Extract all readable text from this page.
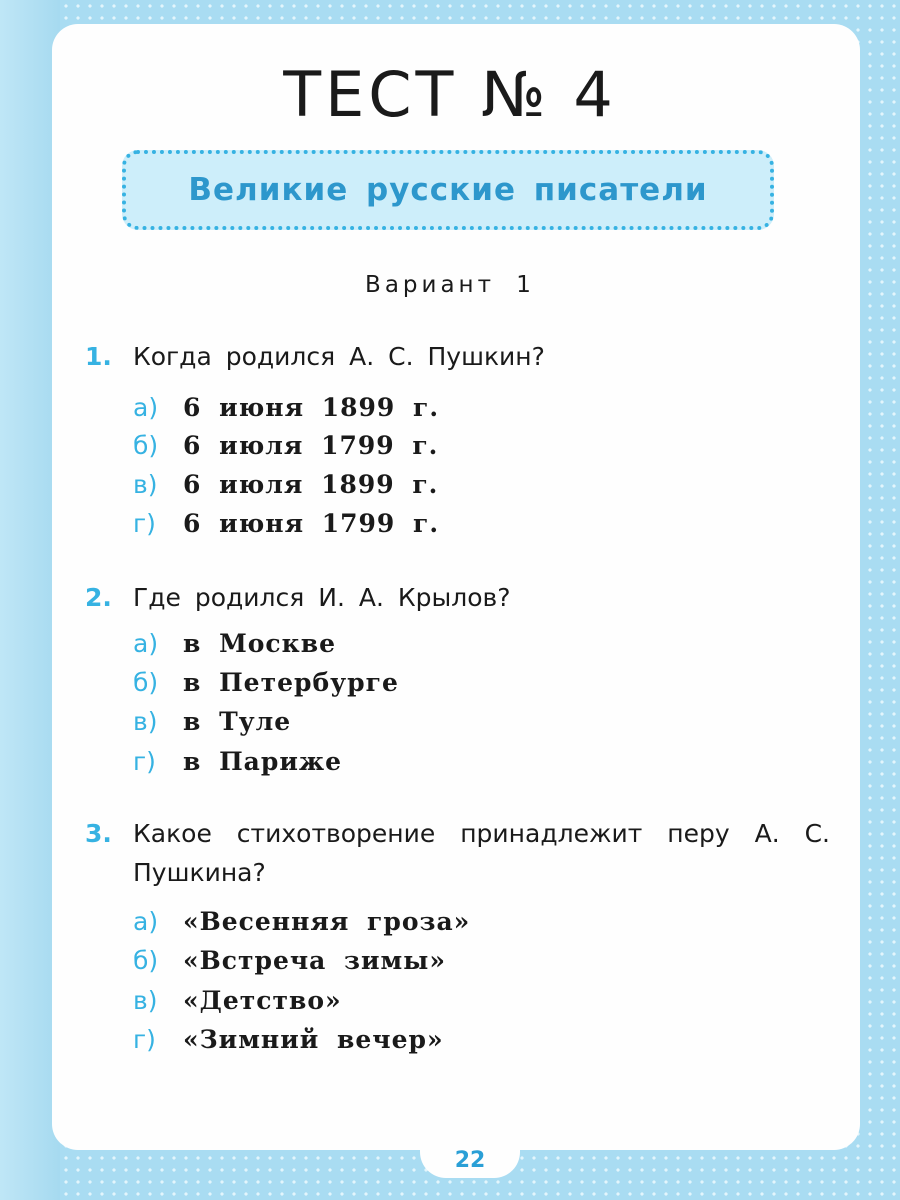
22
ТЕСТ № 4
Великие русские писатели
Вариант 1
1. Когда родился А. С. Пушкин?
а) 6 июня 1899 г.
б) 6 июля 1799 г.
в) 6 июля 1899 г.
г) 6 июня 1799 г.
2. Где родился И. А. Крылов?
а) в Москве
б) в Петербурге
в) в Туле
г) в Париже
3. Какое стихотворение принадлежит перу А. С. Пушкина?
а) «Весенняя гроза»
б) «Встреча зимы»
в) «Детство»
г) «Зимний вечер»
